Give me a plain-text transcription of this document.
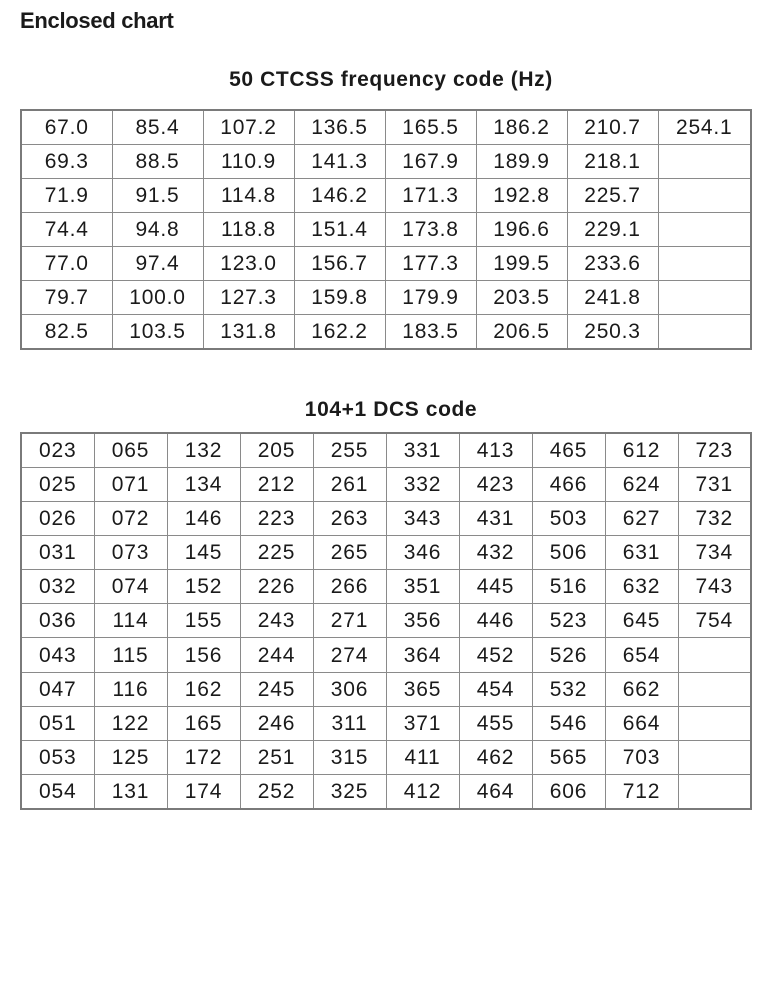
Enclosed chart
50 CTCSS frequency code (Hz)
67.0	85.4	107.2	136.5	165.5	186.2	210.7	254.1
69.3	88.5	110.9	141.3	167.9	189.9	218.1	
71.9	91.5	114.8	146.2	171.3	192.8	225.7	
74.4	94.8	118.8	151.4	173.8	196.6	229.1	
77.0	97.4	123.0	156.7	177.3	199.5	233.6	
79.7	100.0	127.3	159.8	179.9	203.5	241.8	
82.5	103.5	131.8	162.2	183.5	206.5	250.3	
104+1 DCS code
023	065	132	205	255	331	413	465	612	723
025	071	134	212	261	332	423	466	624	731
026	072	146	223	263	343	431	503	627	732
031	073	145	225	265	346	432	506	631	734
032	074	152	226	266	351	445	516	632	743
036	114	155	243	271	356	446	523	645	754
043	115	156	244	274	364	452	526	654	
047	116	162	245	306	365	454	532	662	
051	122	165	246	311	371	455	546	664	
053	125	172	251	315	411	462	565	703	
054	131	174	252	325	412	464	606	712	
